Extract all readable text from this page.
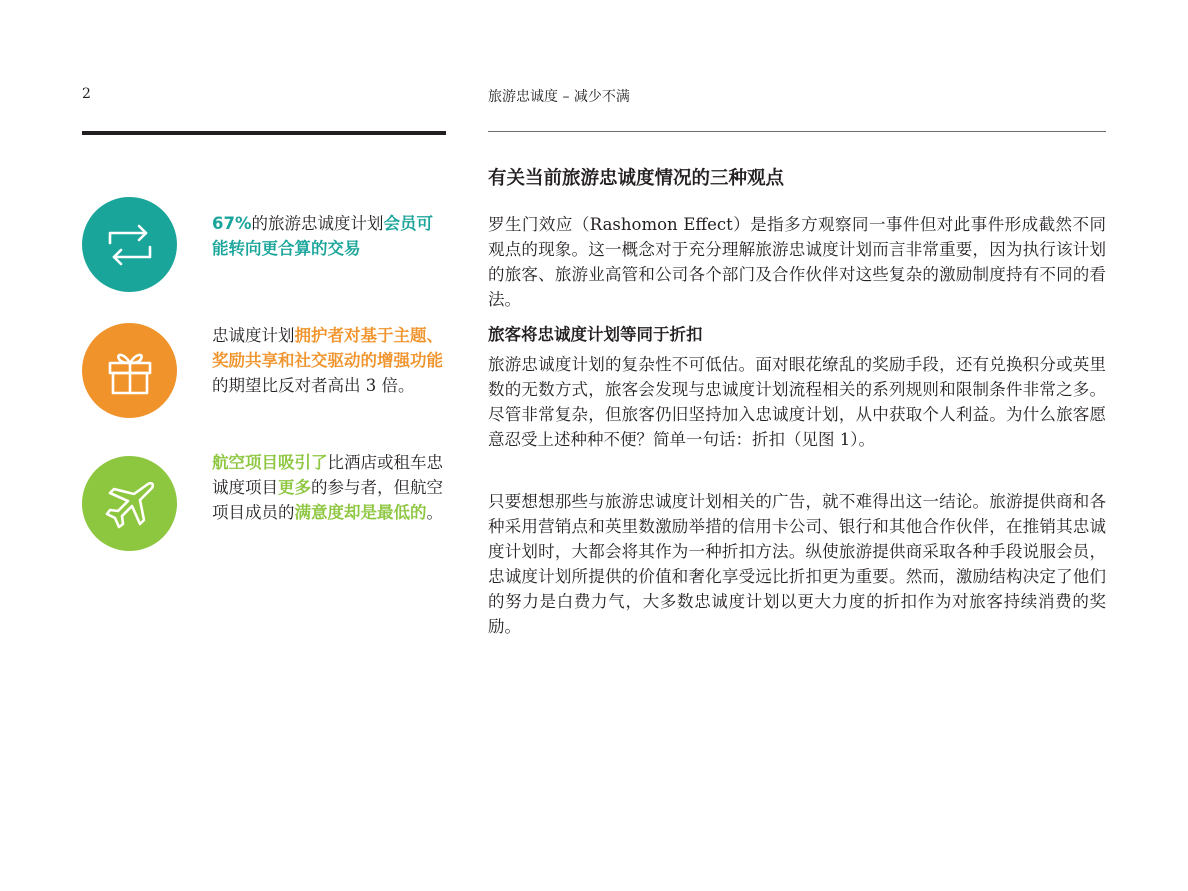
2	旅游忠诚度 – 减少不满
67%的旅游忠诚度计划会员可能转向更合算的交易
忠诚度计划拥护者对基于主题、奖励共享和社交驱动的增强功能的期望比反对者高出 3 倍。
航空项目吸引了比酒店或租车忠诚度项目更多的参与者，但航空项目成员的满意度却是最低的。
有关当前旅游忠诚度情况的三种观点
罗生门效应（Rashomon Effect）是指多方观察同一事件但对此事件形成截然不同观点的现象。这一概念对于充分理解旅游忠诚度计划而言非常重要，因为执行该计划的旅客、旅游业高管和公司各个部门及合作伙伴对这些复杂的激励制度持有不同的看法。
旅客将忠诚度计划等同于折扣
旅游忠诚度计划的复杂性不可低估。面对眼花缭乱的奖励手段，还有兑换积分或英里数的无数方式，旅客会发现与忠诚度计划流程相关的系列规则和限制条件非常之多。尽管非常复杂，但旅客仍旧坚持加入忠诚度计划，从中获取个人利益。为什么旅客愿意忍受上述种种不便？简单一句话：折扣（见图 1）。
只要想想那些与旅游忠诚度计划相关的广告，就不难得出这一结论。旅游提供商和各种采用营销点和英里数激励举措的信用卡公司、银行和其他合作伙伴，在推销其忠诚度计划时，大都会将其作为一种折扣方法。纵使旅游提供商采取各种手段说服会员，忠诚度计划所提供的价值和奢化享受远比折扣更为重要。然而，激励结构决定了他们的努力是白费力气，大多数忠诚度计划以更大力度的折扣作为对旅客持续消费的奖励。
